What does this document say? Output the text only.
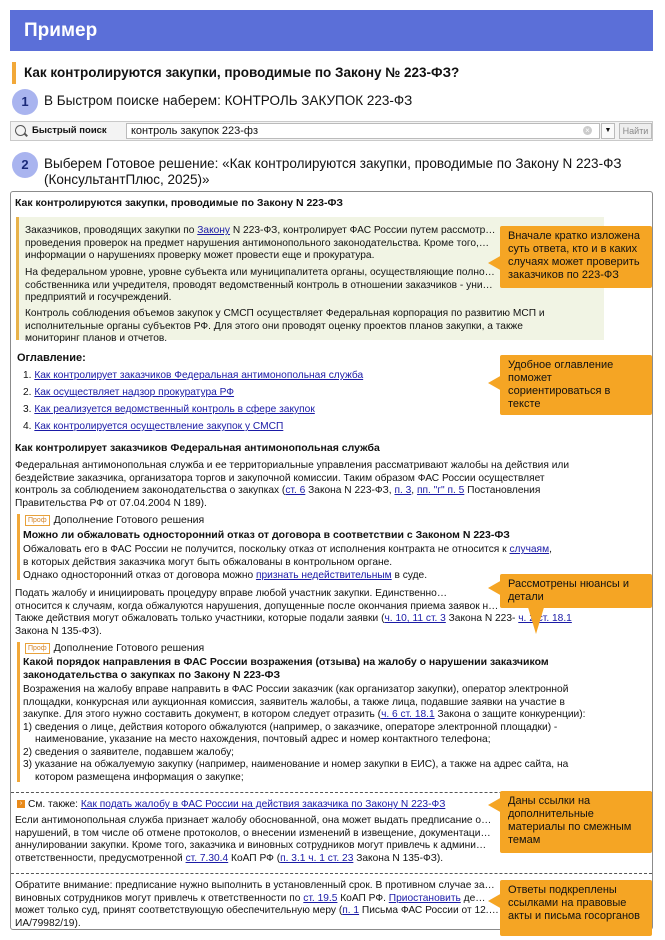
Пример
Как контролируются закупки, проводимые по Закону № 223-ФЗ?
1	В Быстром поиске наберем: КОНТРОЛЬ ЗАКУПОК 223-ФЗ
Быстрый поиск	контроль закупок 223-фз	×	▼	Найти
2	Выберем Готовое решение: «Как контролируются закупки, проводимые по Закону N 223-ФЗ
(КонсультантПлюс, 2025)»
Как контролируются закупки, проводимые по Закону N 223-ФЗ
Заказчиков, проводящих закупки по Закону N 223-ФЗ, контролирует ФАС России путем рассмотр…
проведения проверок на предмет нарушения антимонопольного законодательства. Кроме того,…
информации о нарушениях проверку может провести еще и прокуратура.
На федеральном уровне, уровне субъекта или муниципалитета органы, осуществляющие полно…
собственника или учредителя, проводят ведомственный контроль в отношении заказчиков - уни…
предприятий и госучреждений.
Контроль соблюдения объемов закупок у СМСП осуществляет Федеральная корпорация по развитию МСП и
исполнительные органы субъектов РФ. Для этого они проводят оценку проектов планов закупки, а также
мониторинг планов и отчетов.
Оглавление:
1. Как контролирует заказчиков Федеральная антимонопольная служба
2. Как осуществляет надзор прокуратура РФ
3. Как реализуется ведомственный контроль в сфере закупок
4. Как контролируется осуществление закупок у СМСП
Как контролирует заказчиков Федеральная антимонопольная служба
Федеральная антимонопольная служба и ее территориальные управления рассматривают жалобы на действия или
бездействие заказчика, организатора торгов и закупочной комиссии. Таким образом ФАС России осуществляет
контроль за соблюдением законодательства о закупках (ст. 6 Закона N 223-ФЗ, п. 3, пп. "г" п. 5 Постановления
Правительства РФ от 07.04.2004 N 189).
Проф Дополнение Готового решения
Можно ли обжаловать односторонний отказ от договора в соответствии с Законом N 223-ФЗ
Обжаловать его в ФАС России не получится, поскольку отказ от исполнения контракта не относится к случаям,
в которых действия заказчика могут быть обжалованы в контрольном органе.
Однако односторонний отказ от договора можно признать недействительным в суде.
Подать жалобу и инициировать процедуру вправе любой участник закупки. Единственно…
относится к случаям, когда обжалуются нарушения, допущенные после окончания приема заявок н…
Также действия могут обжаловать только участники, которые подали заявки (ч. 10, 11 ст. 3 Закона N 223- ч. 2 ст. 18.1
Закона N 135-ФЗ).
Проф Дополнение Готового решения
Какой порядок направления в ФАС России возражения (отзыва) на жалобу о нарушении заказчиком
законодательства о закупках по Закону N 223-ФЗ
Возражения на жалобу вправе направить в ФАС России заказчик (как организатор закупки), оператор электронной
площадки, конкурсная или аукционная комиссия, заявитель жалобы, а также лица, подавшие заявки на участие в
закупке. Для этого нужно составить документ, в котором следует отразить (ч. 6 ст. 18.1 Закона о защите конкуренции):
1) сведения о лице, действия которого обжалуются (например, о заказчике, операторе электронной площадки) -
наименование, указание на место нахождения, почтовый адрес и номер контактного телефона;
2) сведения о заявителе, подавшем жалобу;
3) указание на обжалуемую закупку (например, наименование и номер закупки в ЕИС), а также на адрес сайта, на
котором размещена информация о закупке;
› См. также: Как подать жалобу в ФАС России на действия заказчика по Закону N 223-ФЗ
Если антимонопольная служба признает жалобу обоснованной, она может выдать предписание о…
нарушений, в том числе об отмене протоколов, о внесении изменений в извещение, документаци…
аннулировании закупки. Кроме того, заказчика и виновных сотрудников могут привлечь к админи…
ответственности, предусмотренной ст. 7.30.4 КоАП РФ (п. 3.1 ч. 1 ст. 23 Закона N 135-ФЗ).
Обратите внимание: предписание нужно выполнить в установленный срок. В противном случае за…
виновных сотрудников могут привлечь к ответственности по ст. 19.5 КоАП РФ. Приостановить де…
может только суд, принят соответствующую обеспечительную меру (п. 1 Письма ФАС России от 12.…
ИА/79982/19).
Вначале кратко изложена суть ответа, кто и в каких случаях может проверить заказчиков по 223-ФЗ
Удобное оглавление поможет сориентироваться в тексте
Рассмотрены нюансы и детали
Даны ссылки на дополнительные материалы по смежным темам
Ответы подкреплены ссылками на правовые акты и письма госорганов
